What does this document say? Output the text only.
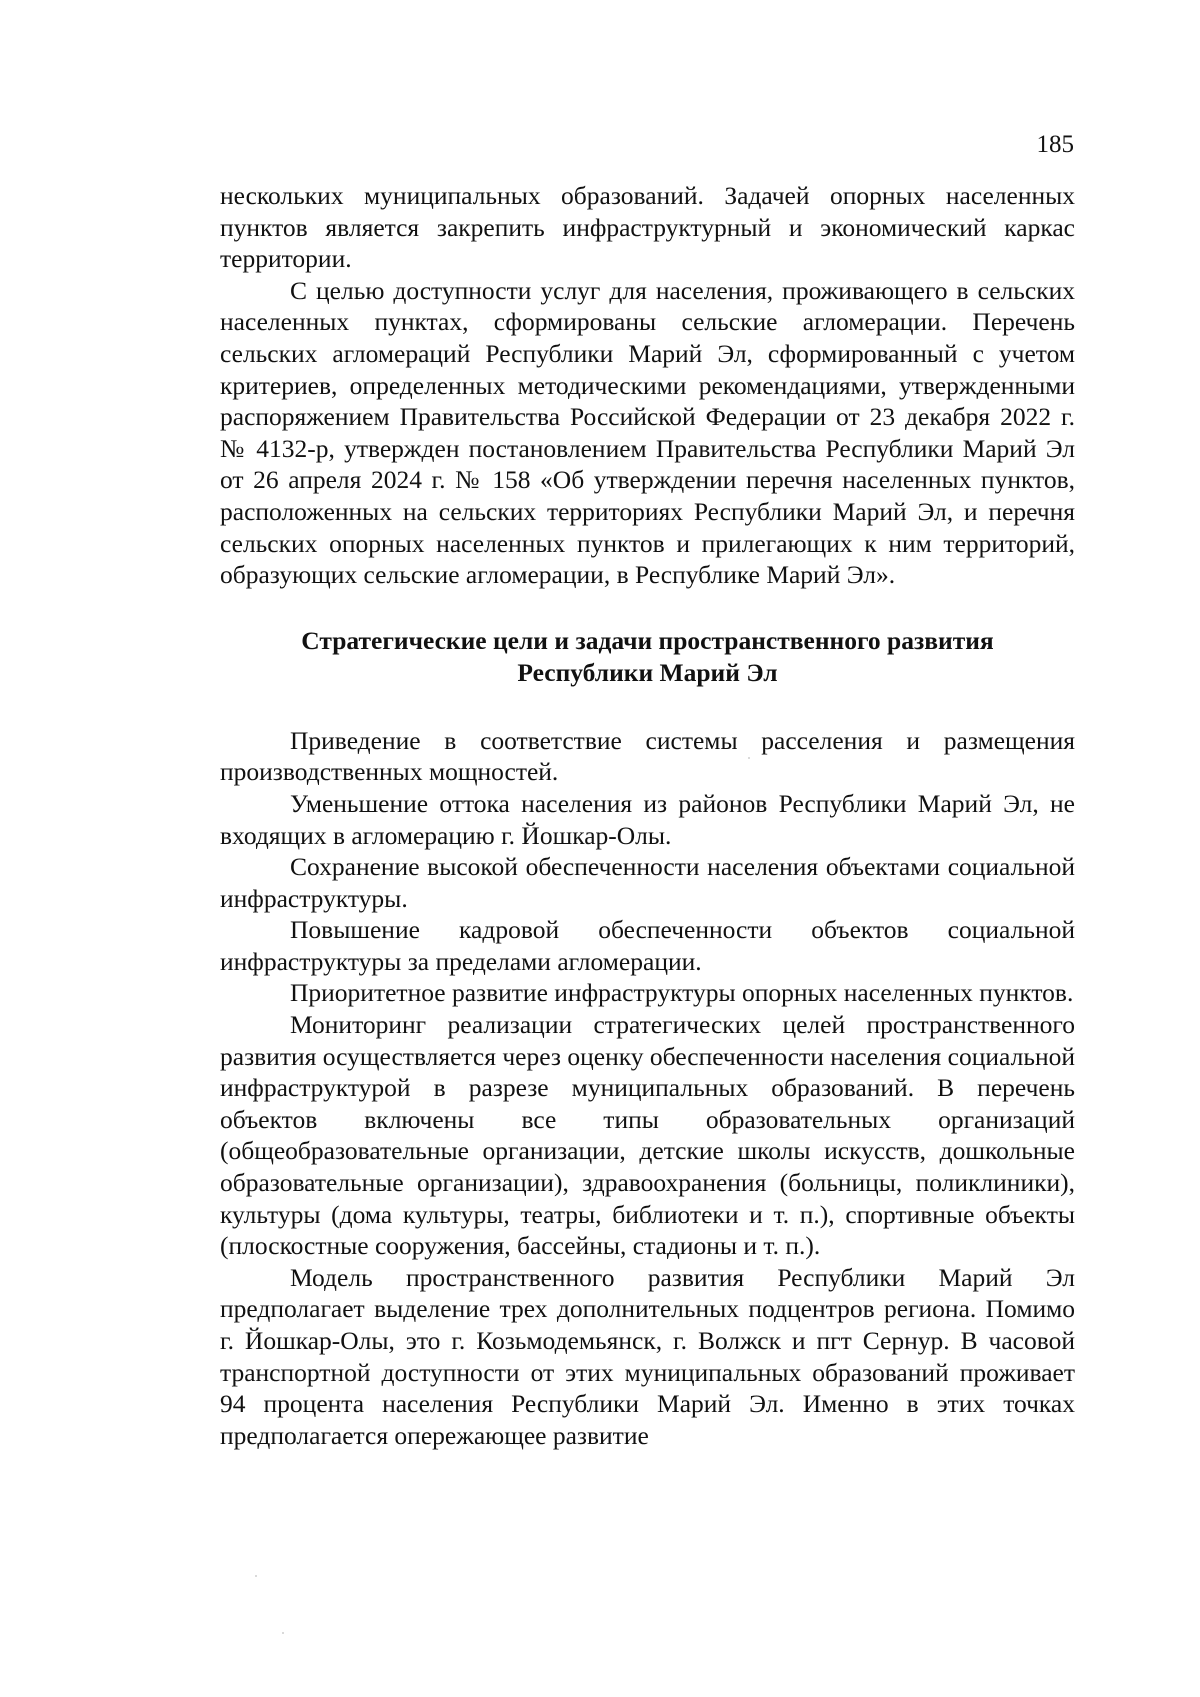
185

нескольких муниципальных образований. Задачей опорных населенных пунктов является закрепить инфраструктурный и экономический каркас территории.

С целью доступности услуг для населения, проживающего в сельских населенных пунктах, сформированы сельские агломерации. Перечень сельских агломераций Республики Марий Эл, сформированный с учетом критериев, определенных методическими рекомендациями, утвержденными распоряжением Правительства Российской Федерации от 23 декабря 2022 г. № 4132-р, утвержден постановлением Правительства Республики Марий Эл от 26 апреля 2024 г. № 158 «Об утверждении перечня населенных пунктов, расположенных на сельских территориях Республики Марий Эл, и перечня сельских опорных населенных пунктов и прилегающих к ним территорий, образующих сельские агломерации, в Республике Марий Эл».

Стратегические цели и задачи пространственного развития
Республики Марий Эл

Приведение в соответствие системы расселения и размещения производственных мощностей.

Уменьшение оттока населения из районов Республики Марий Эл, не входящих в агломерацию г. Йошкар-Олы.

Сохранение высокой обеспеченности населения объектами социальной инфраструктуры.

Повышение кадровой обеспеченности объектов социальной инфраструктуры за пределами агломерации.

Приоритетное развитие инфраструктуры опорных населенных пунктов.

Мониторинг реализации стратегических целей пространственного развития осуществляется через оценку обеспеченности населения социальной инфраструктурой в разрезе муниципальных образований. В перечень объектов включены все типы образовательных организаций (общеобразовательные организации, детские школы искусств, дошкольные образовательные организации), здравоохранения (больницы, поликлиники), культуры (дома культуры, театры, библиотеки и т. п.), спортивные объекты (плоскостные сооружения, бассейны, стадионы и т. п.).

Модель пространственного развития Республики Марий Эл предполагает выделение трех дополнительных подцентров региона. Помимо г. Йошкар-Олы, это г. Козьмодемьянск, г. Волжск и пгт Сернур. В часовой транспортной доступности от этих муниципальных образований проживает 94 процента населения Республики Марий Эл. Именно в этих точках предполагается опережающее развитие
